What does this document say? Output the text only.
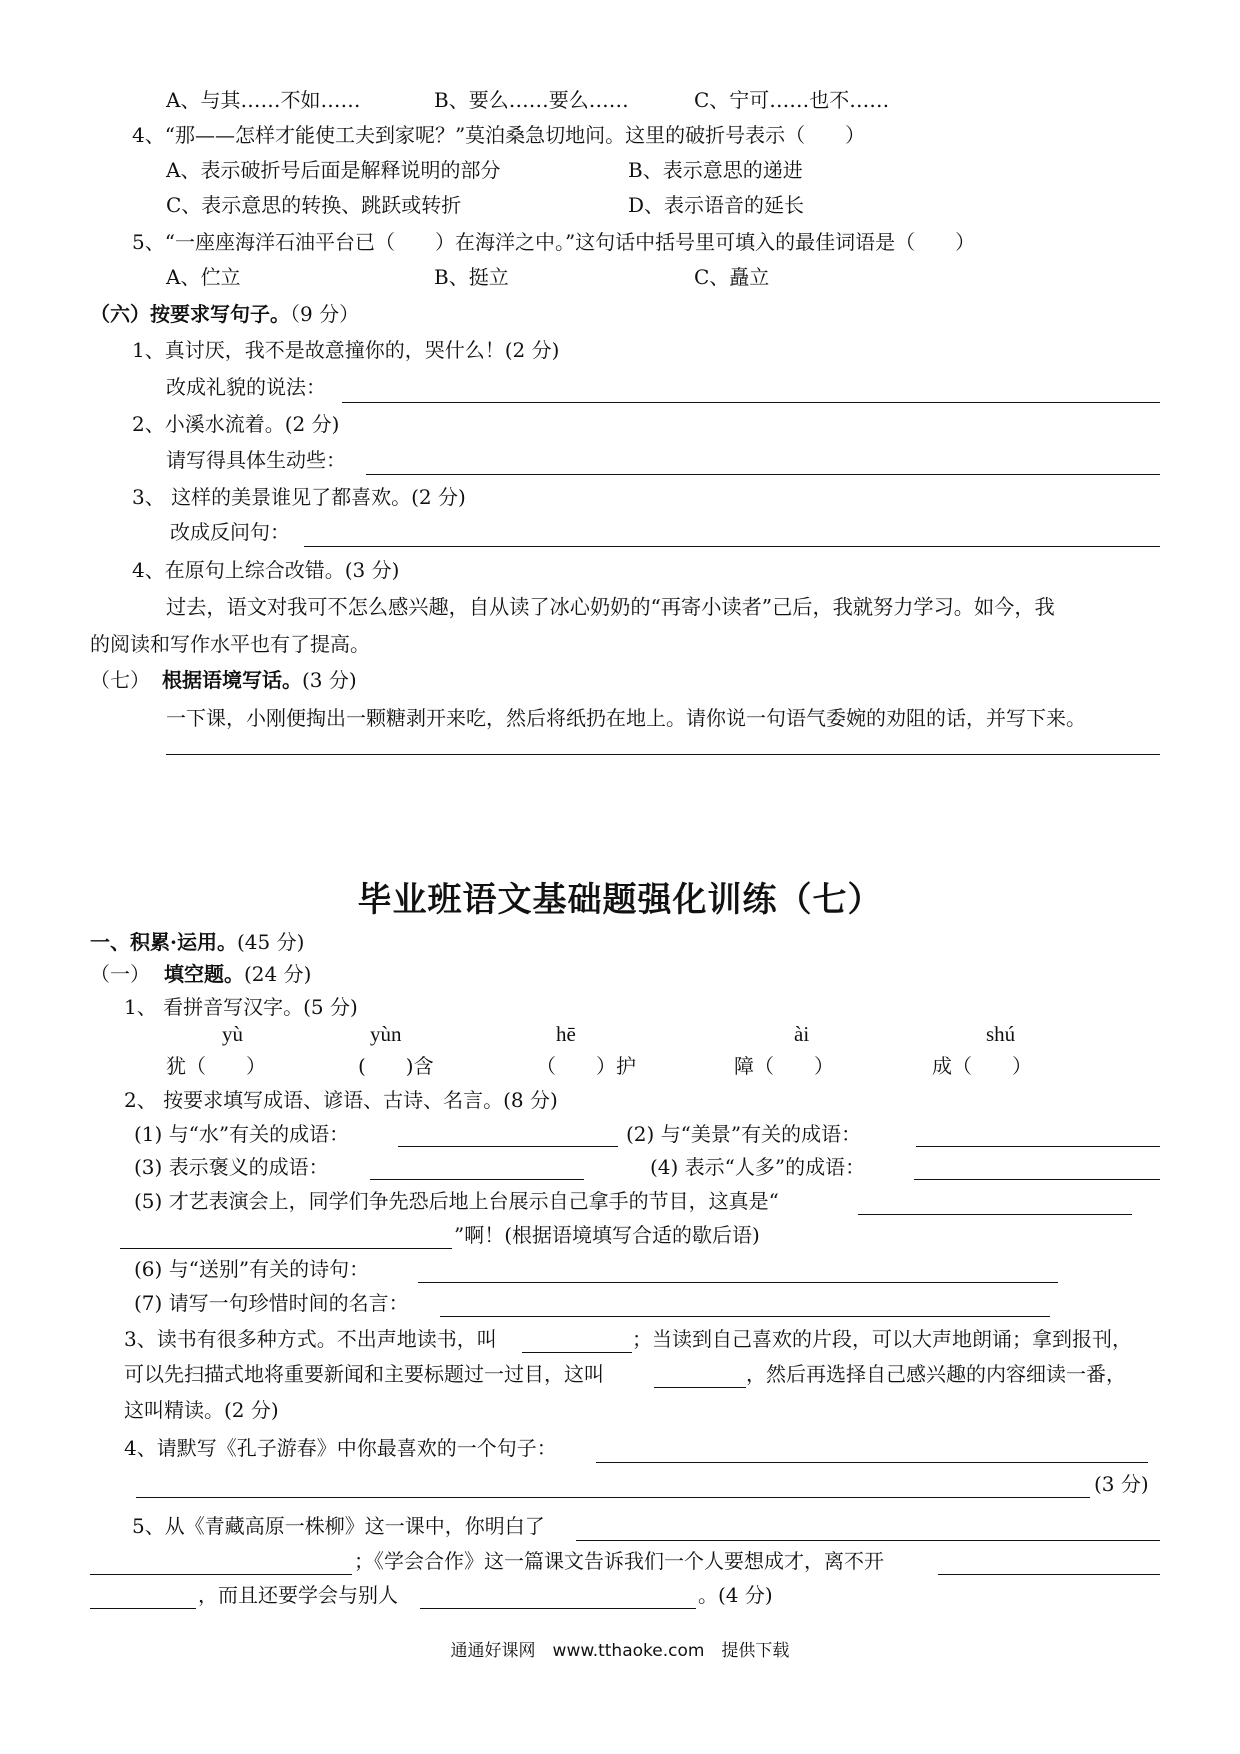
A、与其……不如……	B、要么……要么……	C、宁可……也不……
4、“那——怎样才能使工夫到家呢？”莫泊桑急切地问。这里的破折号表示（　　）
A、表示破折号后面是解释说明的部分	B、表示意思的递进
C、表示意思的转换、跳跃或转折	D、表示语音的延长
5、“一座座海洋石油平台已（　　）在海洋之中。”这句话中括号里可填入的最佳词语是（　　）
A、伫立	B、挺立	C、矗立
（六）按要求写句子。（9 分）
1、真讨厌，我不是故意撞你的，哭什么！(2 分)
改成礼貌的说法：
2、小溪水流着。(2 分)
请写得具体生动些：
3、 这样的美景谁见了都喜欢。(2 分)
改成反问句：
4、在原句上综合改错。(3 分)
过去，语文对我可不怎么感兴趣，自从读了冰心奶奶的“再寄小读者”己后，我就努力学习。如今，我
的阅读和写作水平也有了提高。
（七） 根据语境写话。(3 分)
一下课，小刚便掏出一颗糖剥开来吃，然后将纸扔在地上。请你说一句语气委婉的劝阻的话，并写下来。
毕业班语文基础题强化训练（七）
一、积累·运用。(45 分)
（一） 填空题。(24 分)
1、 看拼音写汉字。(5 分)
yù	yùn	hē	ài	shú
犹（　　）	(　　)含	（　　）护	障（　　）	成（　　）
2、 按要求填写成语、谚语、古诗、名言。(8 分)
(1) 与“水”有关的成语：	(2) 与“美景”有关的成语：
(3) 表示褒义的成语：	(4) 表示“人多”的成语：
(5) 才艺表演会上，同学们争先恐后地上台展示自己拿手的节目，这真是“
”啊！(根据语境填写合适的歇后语)
(6) 与“送别”有关的诗句：
(7) 请写一句珍惜时间的名言：
3、读书有很多种方式。不出声地读书，叫	；当读到自己喜欢的片段，可以大声地朗诵；拿到报刊，
可以先扫描式地将重要新闻和主要标题过一过目，这叫	，然后再选择自己感兴趣的内容细读一番，
这叫精读。(2 分)
4、请默写《孔子游春》中你最喜欢的一个句子：
(3 分)
5、从《青藏高原一株柳》这一课中，你明白了
；《学会合作》这一篇课文告诉我们一个人要想成才，离不开
，而且还要学会与别人	。(4 分)
通通好课网　www.tthaoke.com　提供下载
